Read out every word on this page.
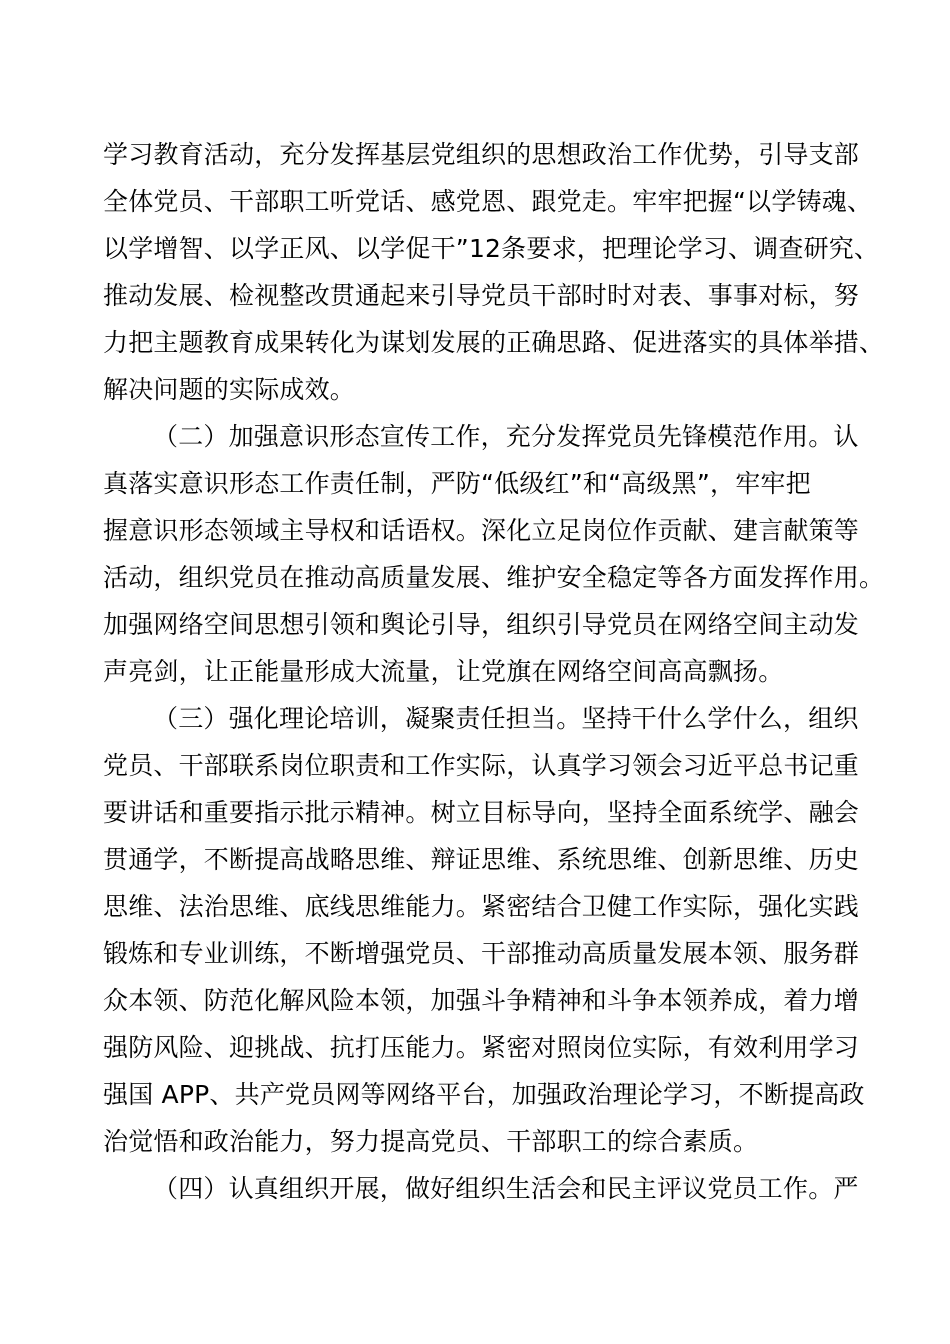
学习教育活动，充分发挥基层党组织的思想政治工作优势，引导支部
全体党员、干部职工听党话、感党恩、跟党走。牢牢把握“以学铸魂、
以学增智、以学正风、以学促干”12条要求，把理论学习、调查研究、
推动发展、检视整改贯通起来引导党员干部时时对表、事事对标，努
力把主题教育成果转化为谋划发展的正确思路、促进落实的具体举措、
解决问题的实际成效。
（二）加强意识形态宣传工作，充分发挥党员先锋模范作用。认
真落实意识形态工作责任制，严防“低级红”和“高级黑”，牢牢把
握意识形态领域主导权和话语权。深化立足岗位作贡献、建言献策等
活动，组织党员在推动高质量发展、维护安全稳定等各方面发挥作用。
加强网络空间思想引领和舆论引导，组织引导党员在网络空间主动发
声亮剑，让正能量形成大流量，让党旗在网络空间高高飘扬。
（三）强化理论培训，凝聚责任担当。坚持干什么学什么，组织
党员、干部联系岗位职责和工作实际，认真学习领会习近平总书记重
要讲话和重要指示批示精神。树立目标导向，坚持全面系统学、融会
贯通学，不断提高战略思维、辩证思维、系统思维、创新思维、历史
思维、法治思维、底线思维能力。紧密结合卫健工作实际，强化实践
锻炼和专业训练，不断增强党员、干部推动高质量发展本领、服务群
众本领、防范化解风险本领，加强斗争精神和斗争本领养成，着力增
强防风险、迎挑战、抗打压能力。紧密对照岗位实际，有效利用学习
强国 APP、共产党员网等网络平台，加强政治理论学习，不断提高政
治觉悟和政治能力，努力提高党员、干部职工的综合素质。
（四）认真组织开展，做好组织生活会和民主评议党员工作。严
